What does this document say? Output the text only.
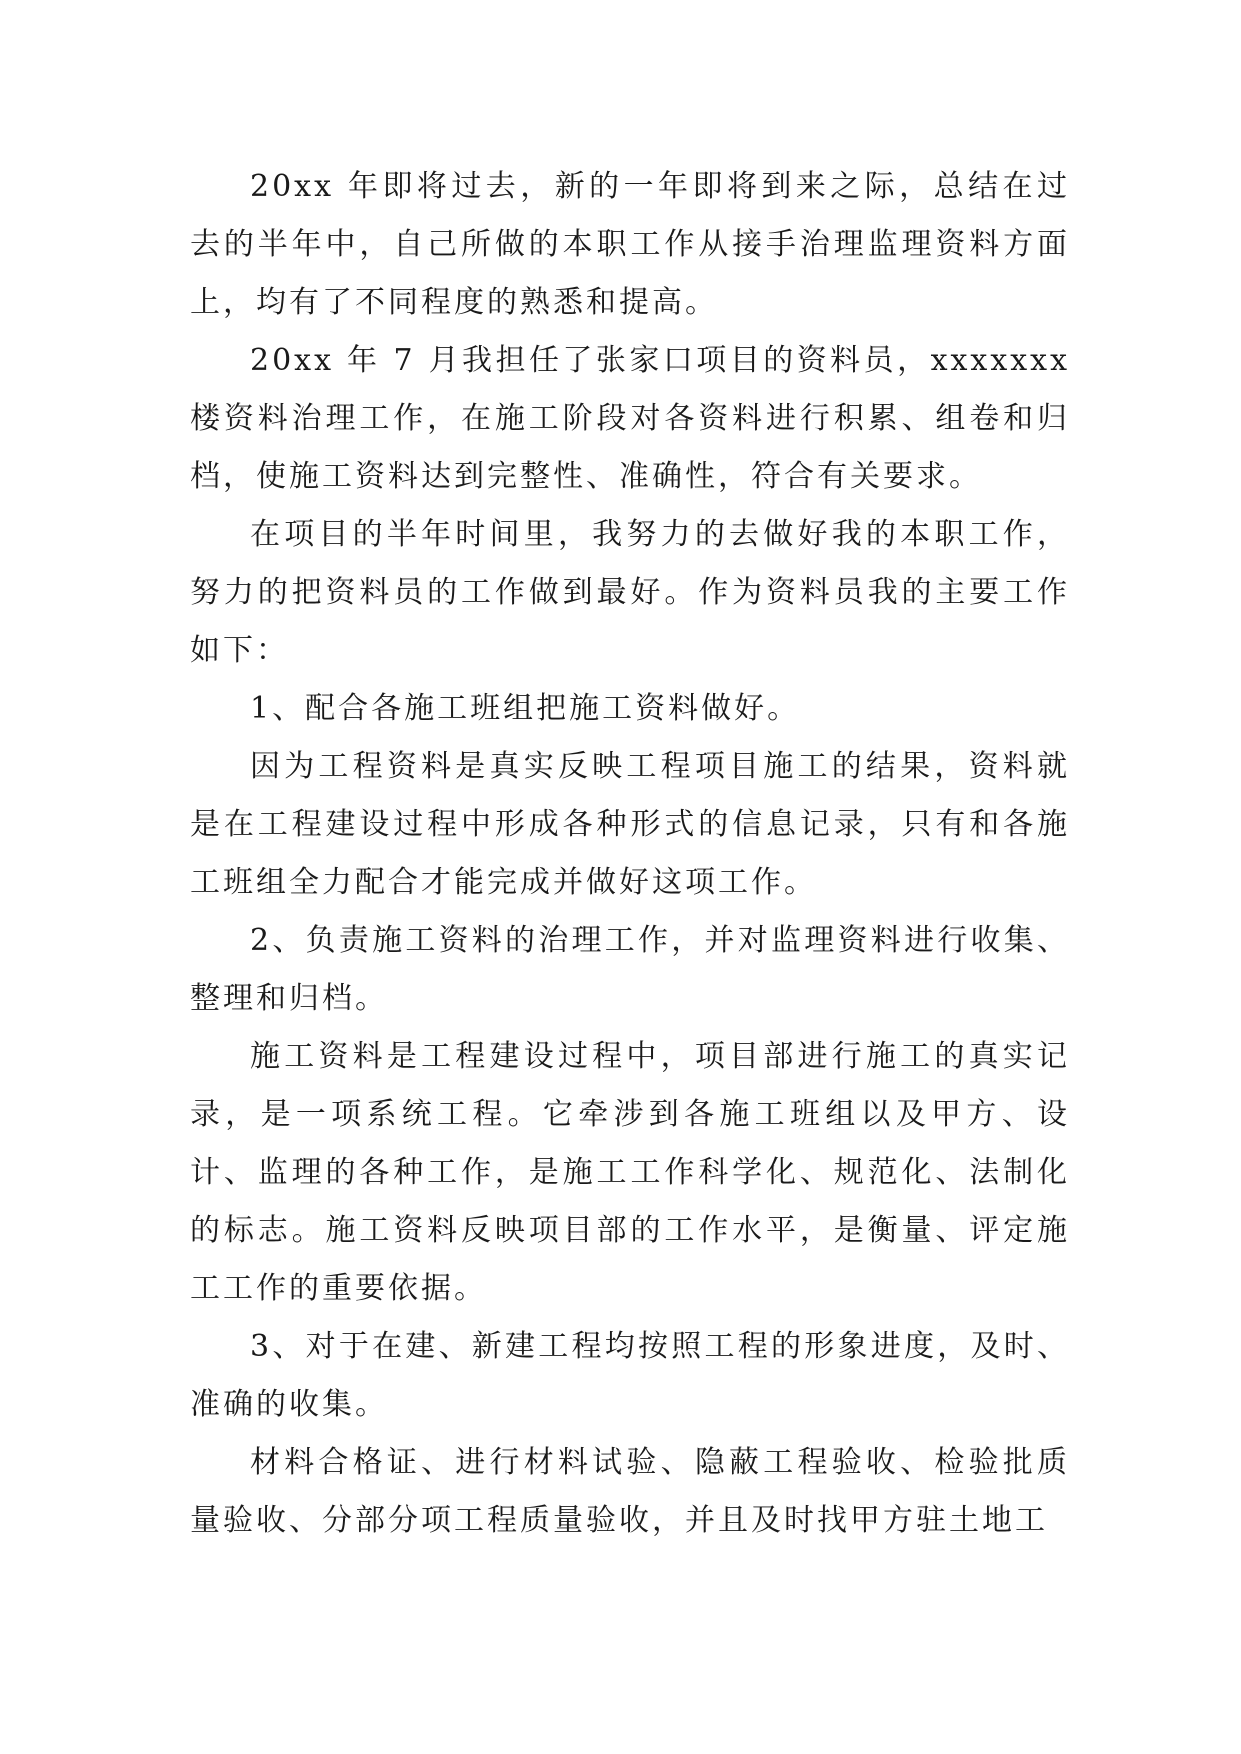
20xx 年即将过去，新的一年即将到来之际，总结在过去的半年中，自己所做的本职工作从接手治理监理资料方面上，均有了不同程度的熟悉和提高。

20xx 年 7 月我担任了张家口项目的资料员，xxxxxxx 楼资料治理工作，在施工阶段对各资料进行积累、组卷和归档，使施工资料达到完整性、准确性，符合有关要求。

在项目的半年时间里，我努力的去做好我的本职工作，努力的把资料员的工作做到最好。作为资料员我的主要工作如下：

1、配合各施工班组把施工资料做好。

因为工程资料是真实反映工程项目施工的结果，资料就是在工程建设过程中形成各种形式的信息记录，只有和各施工班组全力配合才能完成并做好这项工作。

2、负责施工资料的治理工作，并对监理资料进行收集、整理和归档。

施工资料是工程建设过程中，项目部进行施工的真实记录，是一项系统工程。它牵涉到各施工班组以及甲方、设计、监理的各种工作，是施工工作科学化、规范化、法制化的标志。施工资料反映项目部的工作水平，是衡量、评定施工工作的重要依据。

3、对于在建、新建工程均按照工程的形象进度，及时、准确的收集。

材料合格证、进行材料试验、隐蔽工程验收、检验批质量验收、分部分项工程质量验收，并且及时找甲方驻土地工
